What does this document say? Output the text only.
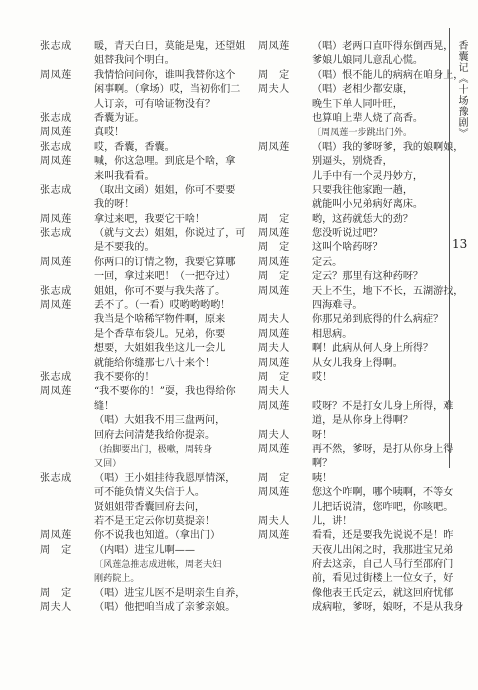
张志成 暖，青天白日，莫能是鬼，还望姐
姐替我问个明白。
周凤莲 我情恰问问你，谁叫我替你这个
闲事啊。（拿场）哎，当初你们二
人订亲，可有啥证物没有？
张志成 香囊为证。
周凤莲 真哎！
张志成 哎，香囊，香囊。
周凤莲 喊，你这急哩。到底是个啥，拿
来叫我看看。
张志成 （取出文函）姐姐，你可不要要
我的呀！
周凤莲 拿过来吧，我要它干啥！
张志成 （就与文去）姐姐，你说过了，可
是不要我的。
周凤莲 你两口的订情之物，我要它算哪
一回，拿过来吧！（一把夺过）
张志成 姐姐，你可不要与我失落了。
周凤莲 丢不了。（一看）哎哟哟哟哟！
我当是个啥稀罕物件啊，原来
是个香草布袋儿。兄弟，你要
想要，大姐姐我坐这儿一会儿
就能给你缝那七八十来个！
张志成 我不要你的！
周凤莲 “我不要你的！”耍，我也得给你
缝！
（唱）大姐我不用三盘两问，
回府去问清楚我给你提亲。
（抬脚要出门，极嗽，周转身
又回）
张志成 （唱）王小姐挂待我恩厚情深，
可不能负情义失信于人。
贤姐姐带香囊回府去问，
若不是王定云你切莫提亲！
周凤莲 你不说我也知道。（拿出门）
周　定 （内唱）进宝儿啊——
〔风莲急推志成进帐，周老夫妇
刚药院上。
周　定 （唱）进宝儿医不是明亲生自养，
周夫人 （唱）他把咱当成了亲爹亲娘。
周凤莲 （唱）老两口直吓得东倒西晃，
爹娘儿娘同儿意乱心慌。
周　定 （唱）恨不能儿的病病在咱身上，
周夫人 （唱）老相少都安康，
晚生下单人同叶旺，
也算咱上辈人烧了高香。
〔周凤莲一步跳出门外。
周凤莲 （唱）我的爹呀爹，我的娘啊娘，
别逼头，别烧香，
儿手中有一个灵丹妙方，
只要我往他家跑一趟，
就能叫小兄弟病好离床。
周　定 哟，这药就恁大的劲？
周凤莲 您没听说过吧？
周　定 这叫个啥药呀？
周凤莲 定云。
周　定 定云？那里有这种药呀？
周凤莲 天上不生，地下不长，五湖游找，
四海难寻。
周夫人 你那兄弟到底得的什么病症？
周凤莲 相思病。
周夫人 啊！此病从何人身上所得？
周凤莲 从女儿我身上得啊。
周　定 哎！
周夫人
周凤莲 哎呀？不是打女儿身上所得，难
道，是从你身上得啊？
周夫人 呀！
周凤莲 再不然，爹呀，是打从你身上得
啊？
周　定 咦！
周凤莲 您这个咋啊，哪个咦啊，不等女
儿把话说清，您咋吧，你咳吧。
周夫人 儿，讲！
周凤莲 看看，还是要我先说说不是！昨
天夜儿出闲之时，我那进宝兄弟
府去这亲，自己人马行至邵府门
前，看见过街楼上一位女子，好
像他表王氏定云，就这回府忧郁
成病啦，爹呀，娘呀，不是从我身
香囊记《十场豫剧》
13
